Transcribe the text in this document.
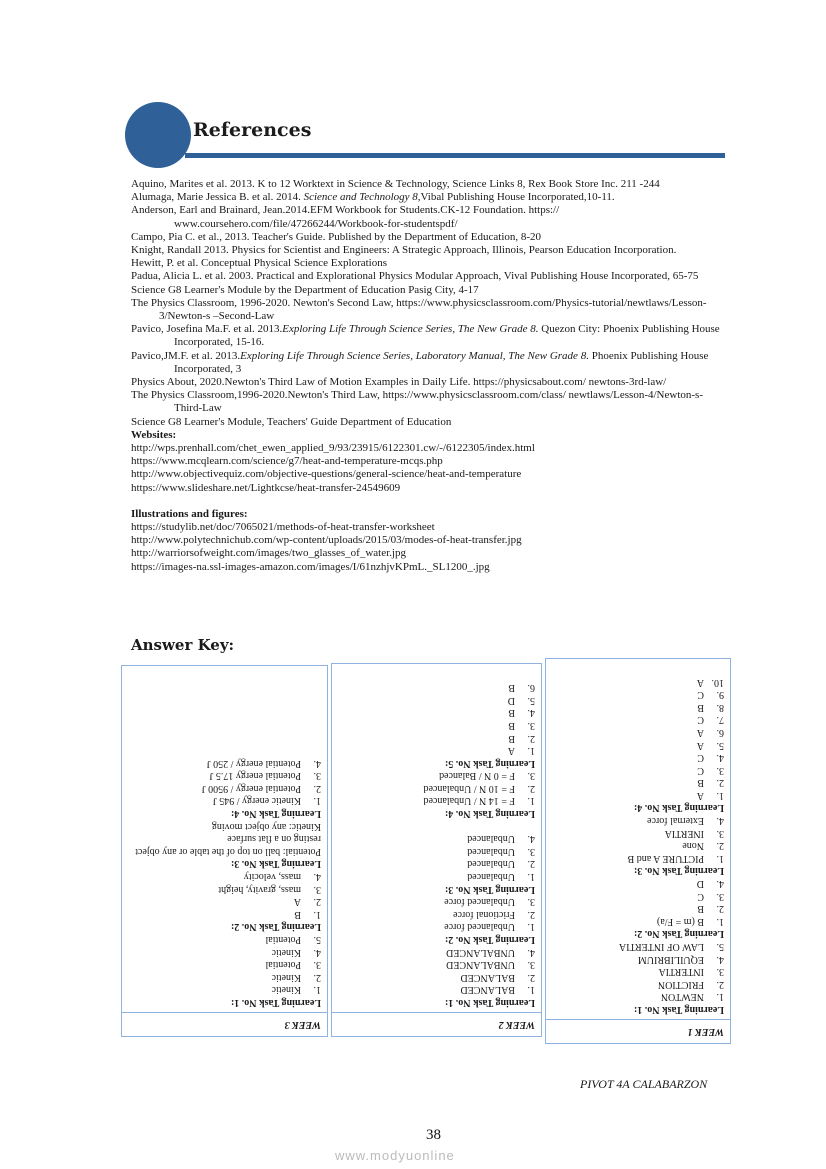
References
Aquino, Marites et al. 2013. K to 12 Worktext in Science & Technology, Science Links 8, Rex Book Store Inc. 211 -244
Alumaga, Marie Jessica B. et al. 2014. Science and Technology 8,Vibal Publishing House Incorporated,10-11.
Anderson, Earl and Brainard, Jean.2014.EFM Workbook for Students.CK-12 Foundation. https:// www.coursehero.com/file/47266244/Workbook-for-studentspdf/
Campo, Pia C. et al., 2013. Teacher's Guide. Published by the Department of Education, 8-20
Knight, Randall 2013. Physics for Scientist and Engineers: A Strategic Approach, Illinois, Pearson Education Incorporation.
Hewitt, P. et al. Conceptual Physical Science Explorations
Padua, Alicia L. et al. 2003. Practical and Explorational Physics Modular Approach, Vival Publishing House Incorporated, 65-75
Science G8 Learner's Module by the Department of Education Pasig City, 4-17
The Physics Classroom, 1996-2020. Newton's Second Law, https://www.physicsclassroom.com/Physics-tutorial/newtlaws/Lesson-3/Newton-s –Second-Law
Pavico, Josefina Ma.F. et al. 2013.Exploring Life Through Science Series, The New Grade 8. Quezon City: Phoenix Publishing House Incorporated, 15-16.
Pavico,JM.F. et al. 2013.Exploring Life Through Science Series, Laboratory Manual, The New Grade 8. Phoenix Publishing House Incorporated, 3
Physics About, 2020.Newton's Third Law of Motion Examples in Daily Life. https://physicsabout.com/ newtons-3rd-law/
The Physics Classroom,1996-2020.Newton's Third Law, https://www.physicsclassroom.com/class/ newtlaws/Lesson-4/Newton-s-Third-Law
Science G8 Learner's Module, Teachers' Guide Department of Education
Websites:
http://wps.prenhall.com/chet_ewen_applied_9/93/23915/6122301.cw/-/6122305/index.html
https://www.mcqlearn.com/science/g7/heat-and-temperature-mcqs.php
http://www.objectivequiz.com/objective-questions/general-science/heat-and-temperature
https://www.slideshare.net/Lightkcse/heat-transfer-24549609
Illustrations and figures:
https://studylib.net/doc/7065021/methods-of-heat-transfer-worksheet
http://www.polytechnichub.com/wp-content/uploads/2015/03/modes-of-heat-transfer.jpg
http://warriorsofweight.com/images/two_glasses_of_water.jpg
https://images-na.ssl-images-amazon.com/images/I/61nzhjvKPmL._SL1200_.jpg
Answer Key:
WEEK 1
Learning Task No. 1:
1.
NEWTON
2.
FRICTION
3.
INTERTIA
4.
EQUILIBRIUM
5.
LAW OF INTERTIA
Learning Task No. 2:
1.
B (m = F/a)
2.
B
3.
C
4.
D
Learning Task No. 3:
1.
PICTURE A and B
2.
None
3.
INERTIA
4.
External force
Learning Task No. 4:
1.
A
2.
B
3.
C
4.
C
5.
A
6.
A
7.
C
8.
B
9.
C
10.
A
WEEK 2
Learning Task No. 1:
1.
BALANCED
2.
BALANCED
3.
UNBALANCED
4.
UNBALANCED
Learning Task No. 2:
1.
Unbalanced force
2.
Frictional force
3.
Unbalanced force
Learning Task No. 3:
1.
Unbalanced
2.
Unbalanced
3.
Unbalanced
4.
Unbalanced
Learning Task No. 4:
1.
F = 14 N / Unbalanced
2.
F = 10 N / Unbalanced
3.
F = 0 N / Balanced
Learning Task No. 5:
1.
A
2.
B
3.
B
4.
B
5.
D
6.
B
WEEK 3
Learning Task No. 1:
1.
Kinetic
2.
Kinetic
3.
Potential
4.
Kinetic
5.
Potential
Learning Task No. 2:
1.
B
2.
A
3.
mass, gravity, height
4.
mass, velocity
Learning Task No. 3:
Potential: ball on top of the table or any object resting on a flat surface
Kinetic: any object moving
Learning Task No. 4:
1.
Kinetic energy / 945 J
2.
Potential energy / 9500 J
3.
Potential energy 17.5 J
4.
Potential energy / 250 J
PIVOT 4A CALABARZON
38
www.modyuonline
